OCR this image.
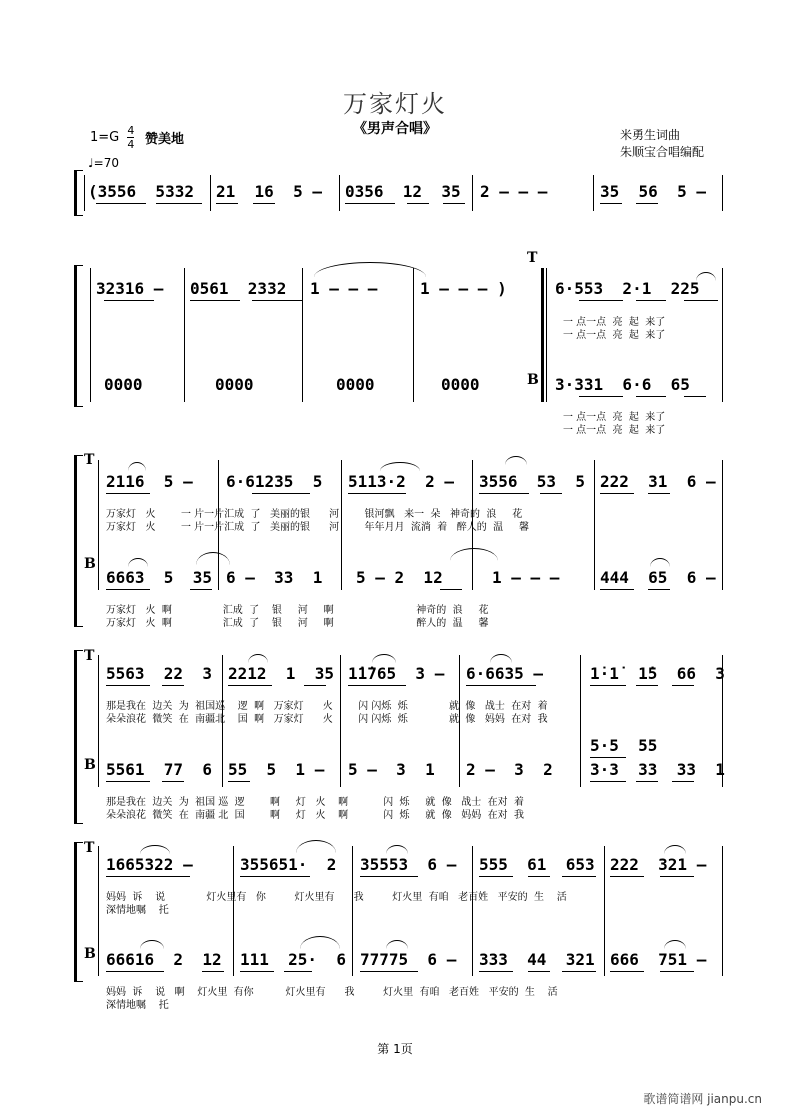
万家灯火
《男声合唱》
$1=G \frac{4}{4}$ 赞美地
♩=70
米勇生词曲
朱顺宝合唱编配
(3556  5332 21  16  5 – 0356  12  35 2 – – –	35  56  5 –
32316 – 0561  2332 1 – – –	1 – – – )
T
6·553  2·1  225
一 点一点  亮  起  来了
一 点一点  亮  起  来了
0000	0000	0000	0000	B 3·331  6·6  65
一 点一点  亮  起  来了
一 点一点  亮  起  来了
T
B
2116  5 – 6·61235  5 5113·2  2 – 3556  53  5 222  31  6 –
万家灯   火        一 片一片汇成  了   美丽的银      河        银河飘   来一  朵   神奇的  浪     花
万家灯   火        一 片一片汇成  了   美丽的银      河        年年月月  流淌  着   醉人的  温     馨
6663  5  35 6 –  33  1 5 – 2  12	1 – – –	444  65  6 –
万家灯   火  啊                汇成  了    银     河     啊                          神奇的  浪     花
万家灯   火  啊                汇成  了    银     河     啊                          醉人的  温     馨
T
B
5563  22  3 2212  1  35 1̇1̇765  3 – 6·6635 –	1̇·1̇  1̇5  66  3
那是我在  边关  为  祖国巡    逻  啊   万家灯      火        闪 闪烁  烁             就  像   战士  在对  着
朵朵浪花  微笑  在  南疆北    国  啊   万家灯      火        闪 闪烁  烁             就  像   妈妈  在对  我
5·5  55
5561  77  6 55  5  1 – 5 –  3  1 2 –  3  2 3·3  33  33  1
那是我在  边关  为  祖国 巡  逻        啊     灯   火    啊           闪  烁     就  像   战士  在对  着
朵朵浪花  微笑  在  南疆 北  国        啊     灯   火    啊           闪  烁     就  像   妈妈  在对  我
T
B
1665322 –	355651·  2 35553  6 – 555  61  653 222  321 –
妈妈  诉    说             灯火里有   你         灯火里有      我         灯火里  有咱   老百姓   平安的  生    活
深情地嘱    托
66616  2  12 111  25·  6 77775  6 – 333  44  321 666  751 –
妈妈  诉    说   啊    灯火里  有你          灯火里有      我         灯火里  有咱   老百姓   平安的  生    活
深情地嘱    托
第 1页
歌谱简谱网 jianpu.cn
